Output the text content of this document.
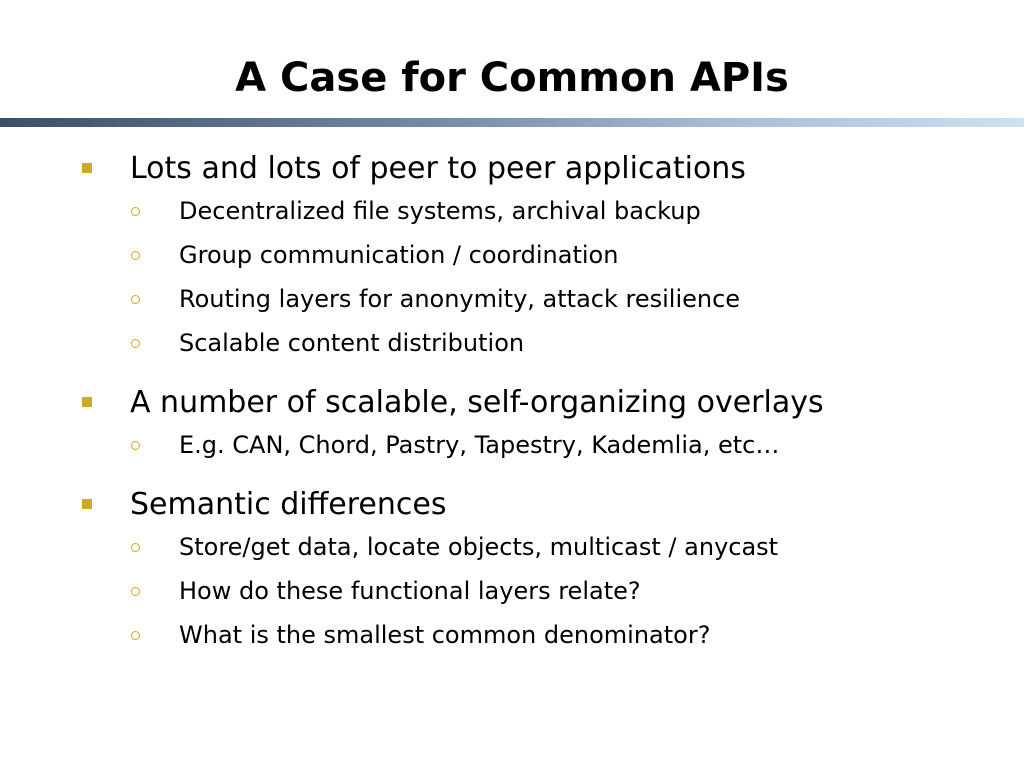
A Case for Common APIs
Lots and lots of peer to peer applications
Decentralized file systems, archival backup
Group communication / coordination
Routing layers for anonymity, attack resilience
Scalable content distribution
A number of scalable, self-organizing overlays
E.g. CAN, Chord, Pastry, Tapestry, Kademlia, etc…
Semantic differences
Store/get data, locate objects, multicast / anycast
How do these functional layers relate?
What is the smallest common denominator?
